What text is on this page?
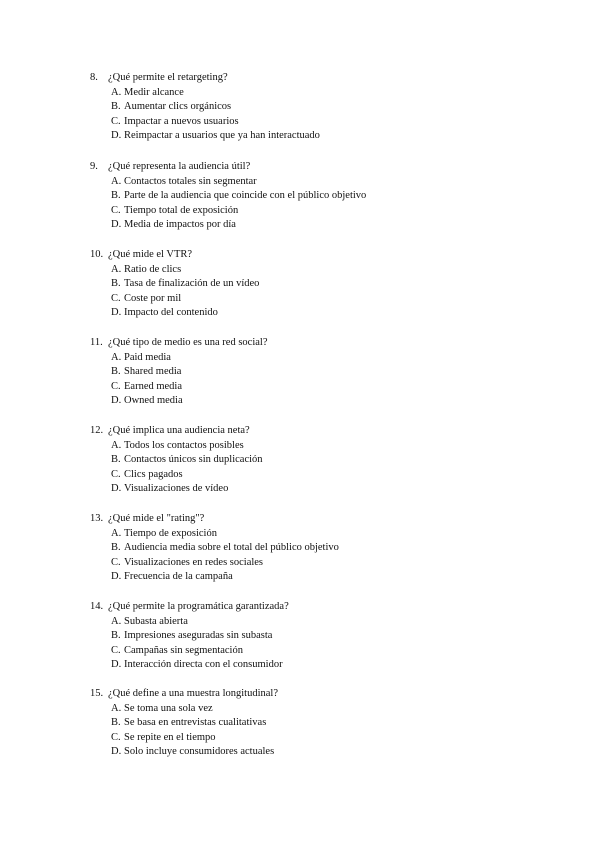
8. ¿Qué permite el retargeting?
A. Medir alcance
B. Aumentar clics orgánicos
C. Impactar a nuevos usuarios
D. Reimpactar a usuarios que ya han interactuado
9. ¿Qué representa la audiencia útil?
A. Contactos totales sin segmentar
B. Parte de la audiencia que coincide con el público objetivo
C. Tiempo total de exposición
D. Media de impactos por día
10. ¿Qué mide el VTR?
A. Ratio de clics
B. Tasa de finalización de un vídeo
C. Coste por mil
D. Impacto del contenido
11. ¿Qué tipo de medio es una red social?
A. Paid media
B. Shared media
C. Earned media
D. Owned media
12. ¿Qué implica una audiencia neta?
A. Todos los contactos posibles
B. Contactos únicos sin duplicación
C. Clics pagados
D. Visualizaciones de vídeo
13. ¿Qué mide el "rating"?
A. Tiempo de exposición
B. Audiencia media sobre el total del público objetivo
C. Visualizaciones en redes sociales
D. Frecuencia de la campaña
14. ¿Qué permite la programática garantizada?
A. Subasta abierta
B. Impresiones aseguradas sin subasta
C. Campañas sin segmentación
D. Interacción directa con el consumidor
15. ¿Qué define a una muestra longitudinal?
A. Se toma una sola vez
B. Se basa en entrevistas cualitativas
C. Se repite en el tiempo
D. Solo incluye consumidores actuales
